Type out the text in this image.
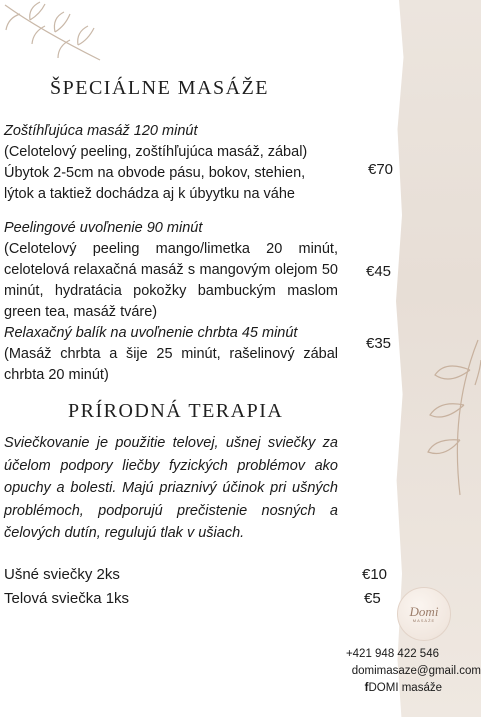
ŠPECIÁLNE MASÁŽE
Zoštíhľujúca masáž 120 minút
(Celotelový peeling, zoštíhľujúca masáž, zábal) Úbytok 2-5cm na obvode pásu, bokov, stehien, lýtok a taktiež dochádza aj k úbyytku na váhe
€70
Peelingové uvoľnenie 90 minút
(Celotelový peeling mango/limetka 20 minút, celotelová relaxačná masáž s mangovým olejom 50 minút, hydratácia pokožky bambuckým maslom green tea, masáž tváre)
€45
Relaxačný balík na uvoľnenie chrbta 45 minút
(Masáž chrbta a šije 25 minút, rašelinový zábal chrbta 20 minút)
€35
PRÍRODNÁ TERAPIA
Sviečkovanie je použitie telovej, ušnej sviečky za účelom podpory liečby fyzických problémov ako opuchy a bolesti. Majú priaznivý účinok pri ušných problémoch, podporujú prečistenie nosných a čelových dutín, regulujú tlak v ušiach.
Ušné sviečky 2ks	€10
Telová sviečka 1ks	€5
Domi
MASÁŽE
+421 948 422 546
domimasaze@gmail.com
fDOMI masáže
